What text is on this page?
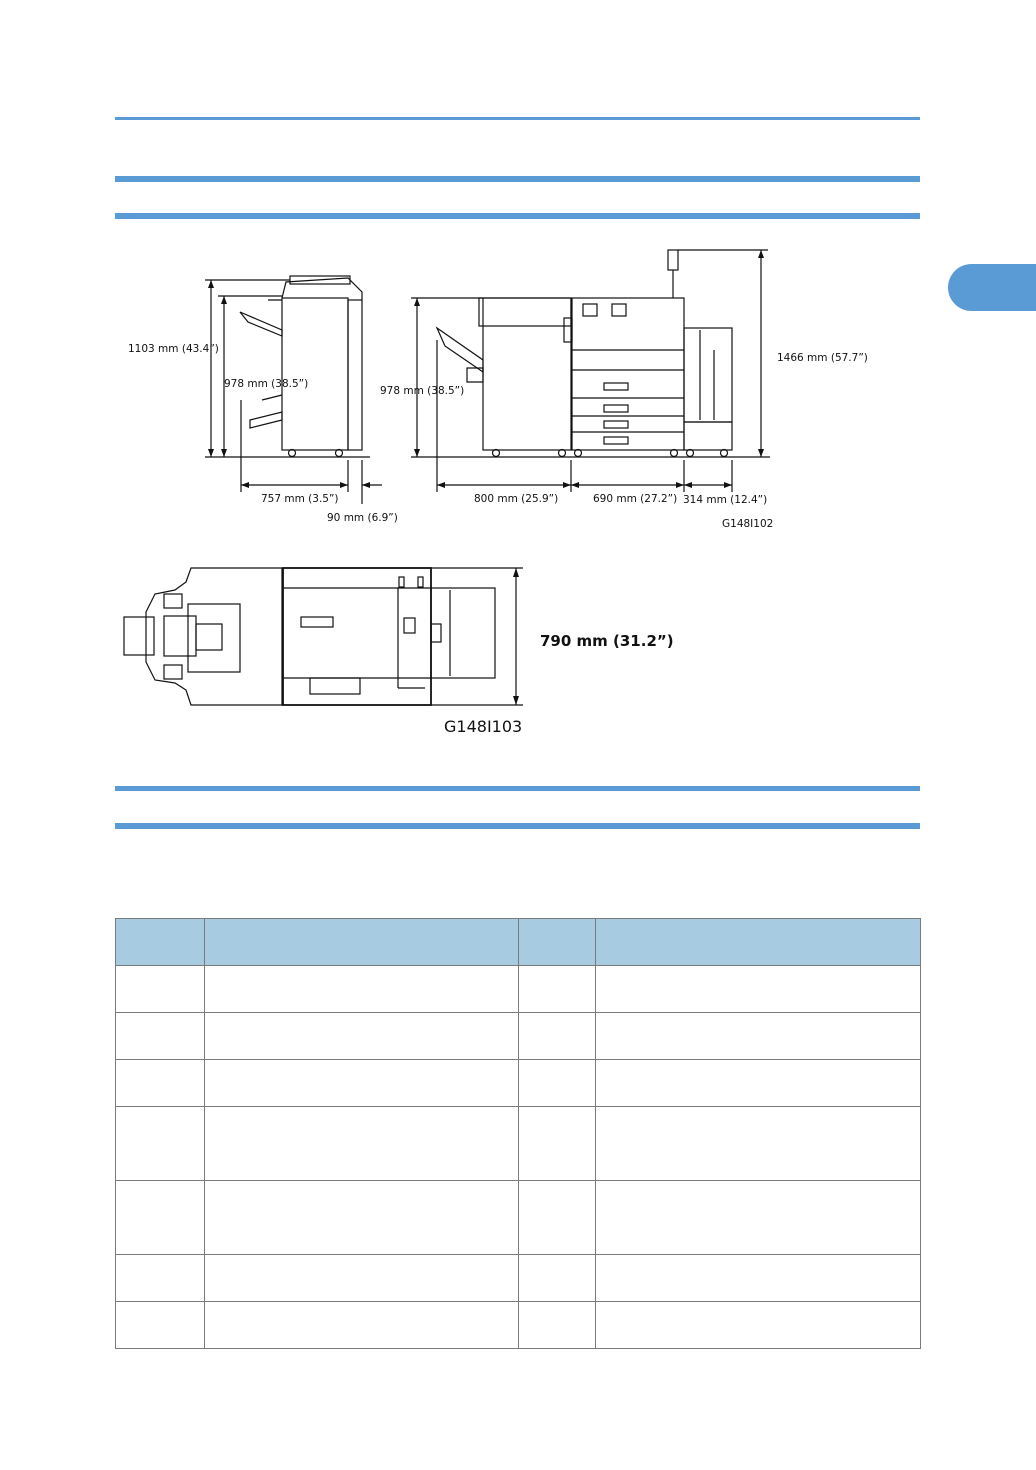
1103 mm (43.4”)
978 mm (38.5”)
978 mm (38.5”)
1466 mm (57.7”)
757 mm (3.5”)
90 mm (6.9”)
800 mm (25.9”)	690 mm (27.2”) 314 mm (12.4”)
G148I102
790 mm (31.2”)
G148I103
